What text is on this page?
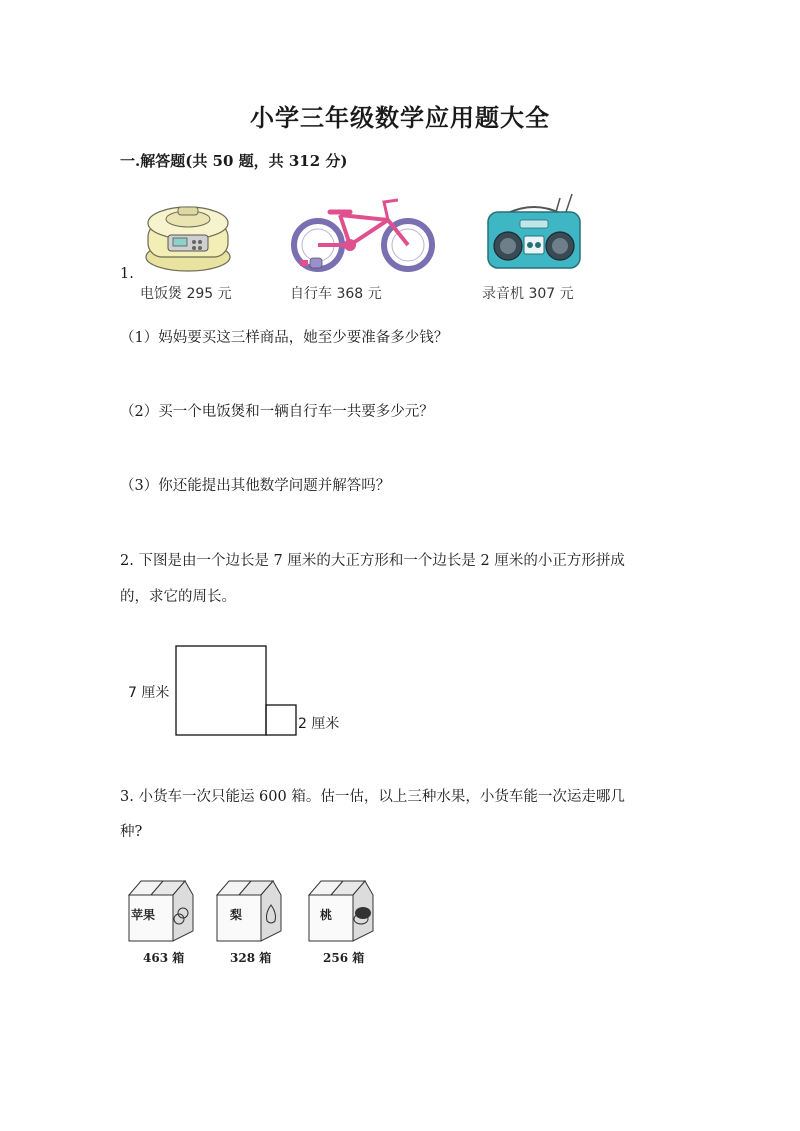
小学三年级数学应用题大全
一.解答题(共 50 题，共 312 分)
1.
电饭煲 295 元	自行车 368 元	录音机 307 元
（1）妈妈要买这三样商品，她至少要准备多少钱？
（2）买一个电饭煲和一辆自行车一共要多少元？
（3）你还能提出其他数学问题并解答吗？
2. 下图是由一个边长是 7 厘米的大正方形和一个边长是 2 厘米的小正方形拼成
的，求它的周长。
7 厘米
2 厘米
3. 小货车一次只能运 600 箱。估一估，以上三种水果，小货车能一次运走哪几
种?
苹果
463 箱
梨
328 箱
桃
256 箱
